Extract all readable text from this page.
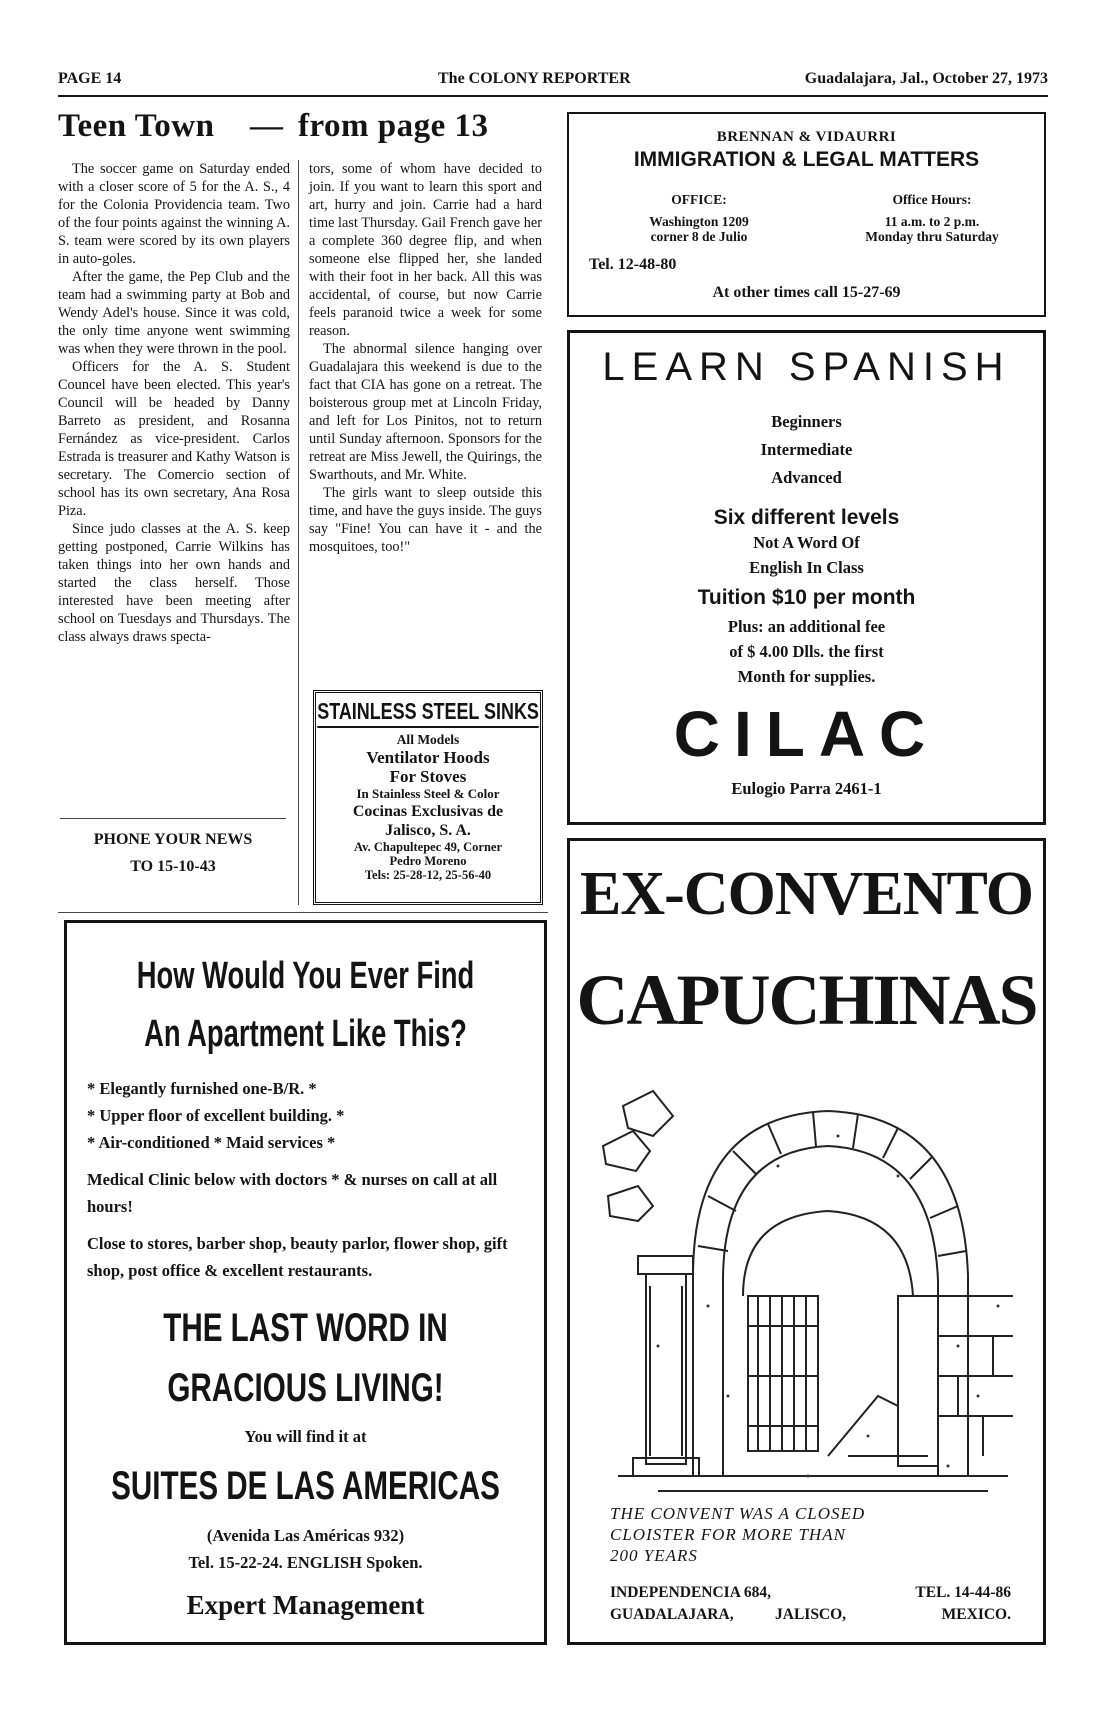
PAGE 14	The COLONY REPORTER	Guadalajara, Jal., October 27, 1973
Teen Town — from page 13

The soccer game on Saturday ended with a closer score of 5 for the A. S., 4 for the Colonia Providencia team. Two of the four points against the winning A. S. team were scored by its own players in auto-goles.

After the game, the Pep Club and the team had a swimming party at Bob and Wendy Adel's house. Since it was cold, the only time anyone went swimming was when they were thrown in the pool.

Officers for the A. S. Student Councel have been elected. This year's Council will be headed by Danny Barreto as president, and Rosanna Fernández as vice-president. Carlos Estrada is treasurer and Kathy Watson is secretary. The Comercio section of school has its own secretary, Ana Rosa Piza.

Since judo classes at the A. S. keep getting postponed, Carrie Wilkins has taken things into her own hands and started the class herself. Those interested have been meeting after school on Tuesdays and Thursdays. The class always draws specta-

tors, some of whom have decided to join. If you want to learn this sport and art, hurry and join. Carrie had a hard time last Thursday. Gail French gave her a complete 360 degree flip, and when someone else flipped her, she landed with their foot in her back. All this was accidental, of course, but now Carrie feels paranoid twice a week for some reason.

The abnormal silence hanging over Guadalajara this weekend is due to the fact that CIA has gone on a retreat. The boisterous group met at Lincoln Friday, and left for Los Pinitos, not to return until Sunday afternoon. Sponsors for the retreat are Miss Jewell, the Quirings, the Swarthouts, and Mr. White.

The girls want to sleep outside this time, and have the guys inside. The guys say "Fine! You can have it - and the mosquitoes, too!"

PHONE YOUR NEWS
TO 15-10-43
STAINLESS STEEL SINKS
All Models
Ventilator Hoods
For Stoves
In Stainless Steel & Color
Cocinas Exclusivas de
Jalisco, S. A.
Av. Chapultepec 49, Corner
Pedro Moreno
Tels: 25-28-12, 25-56-40
How Would You Ever Find
An Apartment Like This?
* Elegantly furnished one-B/R. *
* Upper floor of excellent building. *
* Air-conditioned * Maid services *
Medical Clinic below with doctors * & nurses on call at all hours!
Close to stores, barber shop, beauty parlor, flower shop, gift shop, post office & excellent restaurants.
THE LAST WORD IN
GRACIOUS LIVING!
You will find it at
SUITES DE LAS AMERICAS
(Avenida Las Américas 932)
Tel. 15-22-24. ENGLISH Spoken.
Expert Management
BRENNAN & VIDAURRI
IMMIGRATION & LEGAL MATTERS
OFFICE:
Washington 1209
corner 8 de Julio
Office Hours:
11 a.m. to 2 p.m.
Monday thru Saturday
Tel. 12-48-80
At other times call 15-27-69
LEARN SPANISH
Beginners
Intermediate
Advanced
Six different levels
Not A Word Of
English In Class
Tuition $10 per month
Plus: an additional fee
of $ 4.00 Dlls. the first
Month for supplies.
CILAC
Eulogio Parra 2461-1
EX-CONVENTO
CAPUCHINAS
THE CONVENT WAS A CLOSED
CLOISTER FOR MORE THAN
200 YEARS
INDEPENDENCIA 684,	TEL. 14-44-86
GUADALAJARA,	JALISCO,	MEXICO.
